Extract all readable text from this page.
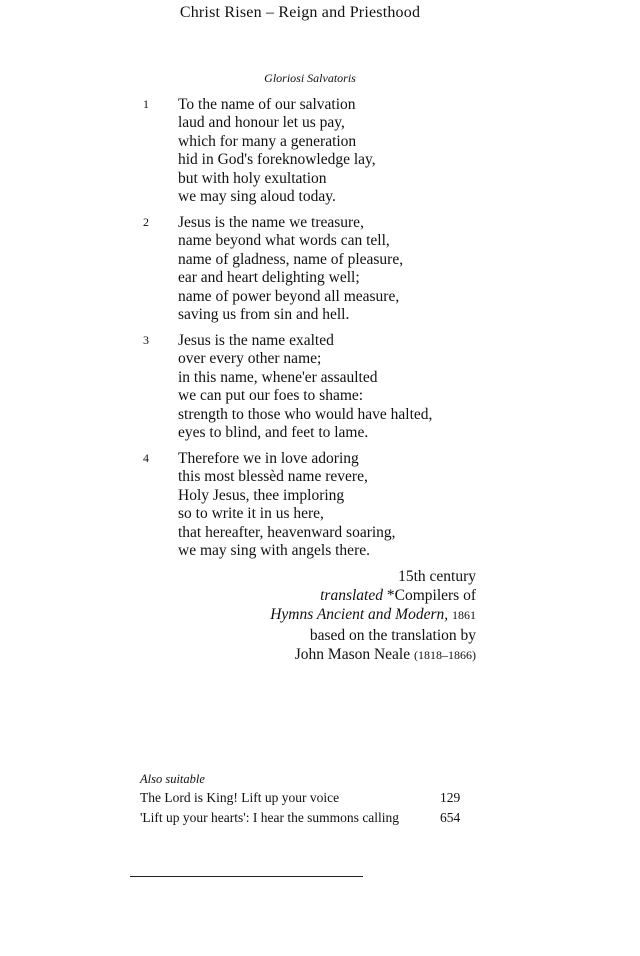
Christ Risen – Reign and Priesthood
Gloriosi Salvatoris
1 To the name of our salvation
laud and honour let us pay,
which for many a generation
hid in God's foreknowledge lay,
but with holy exultation
we may sing aloud today.
2 Jesus is the name we treasure,
name beyond what words can tell,
name of gladness, name of pleasure,
ear and heart delighting well;
name of power beyond all measure,
saving us from sin and hell.
3 Jesus is the name exalted
over every other name;
in this name, whene'er assaulted
we can put our foes to shame:
strength to those who would have halted,
eyes to blind, and feet to lame.
4 Therefore we in love adoring
this most blessèd name revere,
Holy Jesus, thee imploring
so to write it in us here,
that hereafter, heavenward soaring,
we may sing with angels there.
15th century
translated *Compilers of
Hymns Ancient and Modern, 1861
based on the translation by
John Mason Neale (1818–1866)
Also suitable
The Lord is King! Lift up your voice	129
'Lift up your hearts': I hear the summons calling	654
